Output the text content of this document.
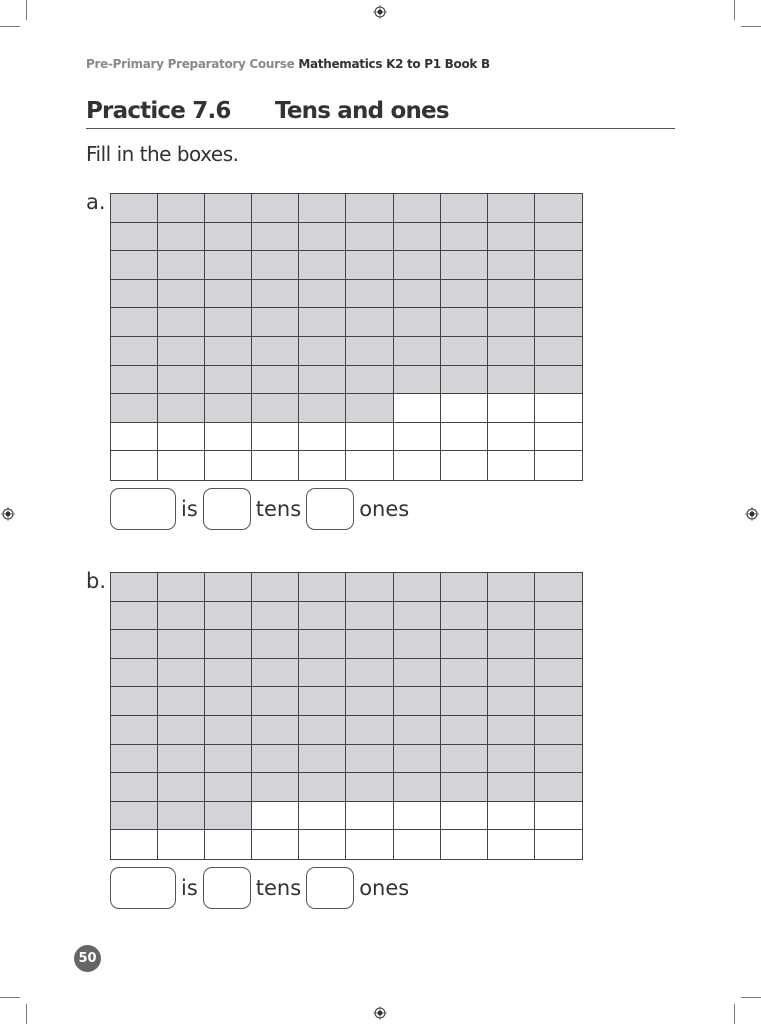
Pre-Primary Preparatory Course Mathematics K2 to P1 Book B
Practice 7.6 Tens and ones
Fill in the boxes.
a.
is	tens	ones
b.
is	tens	ones
50
